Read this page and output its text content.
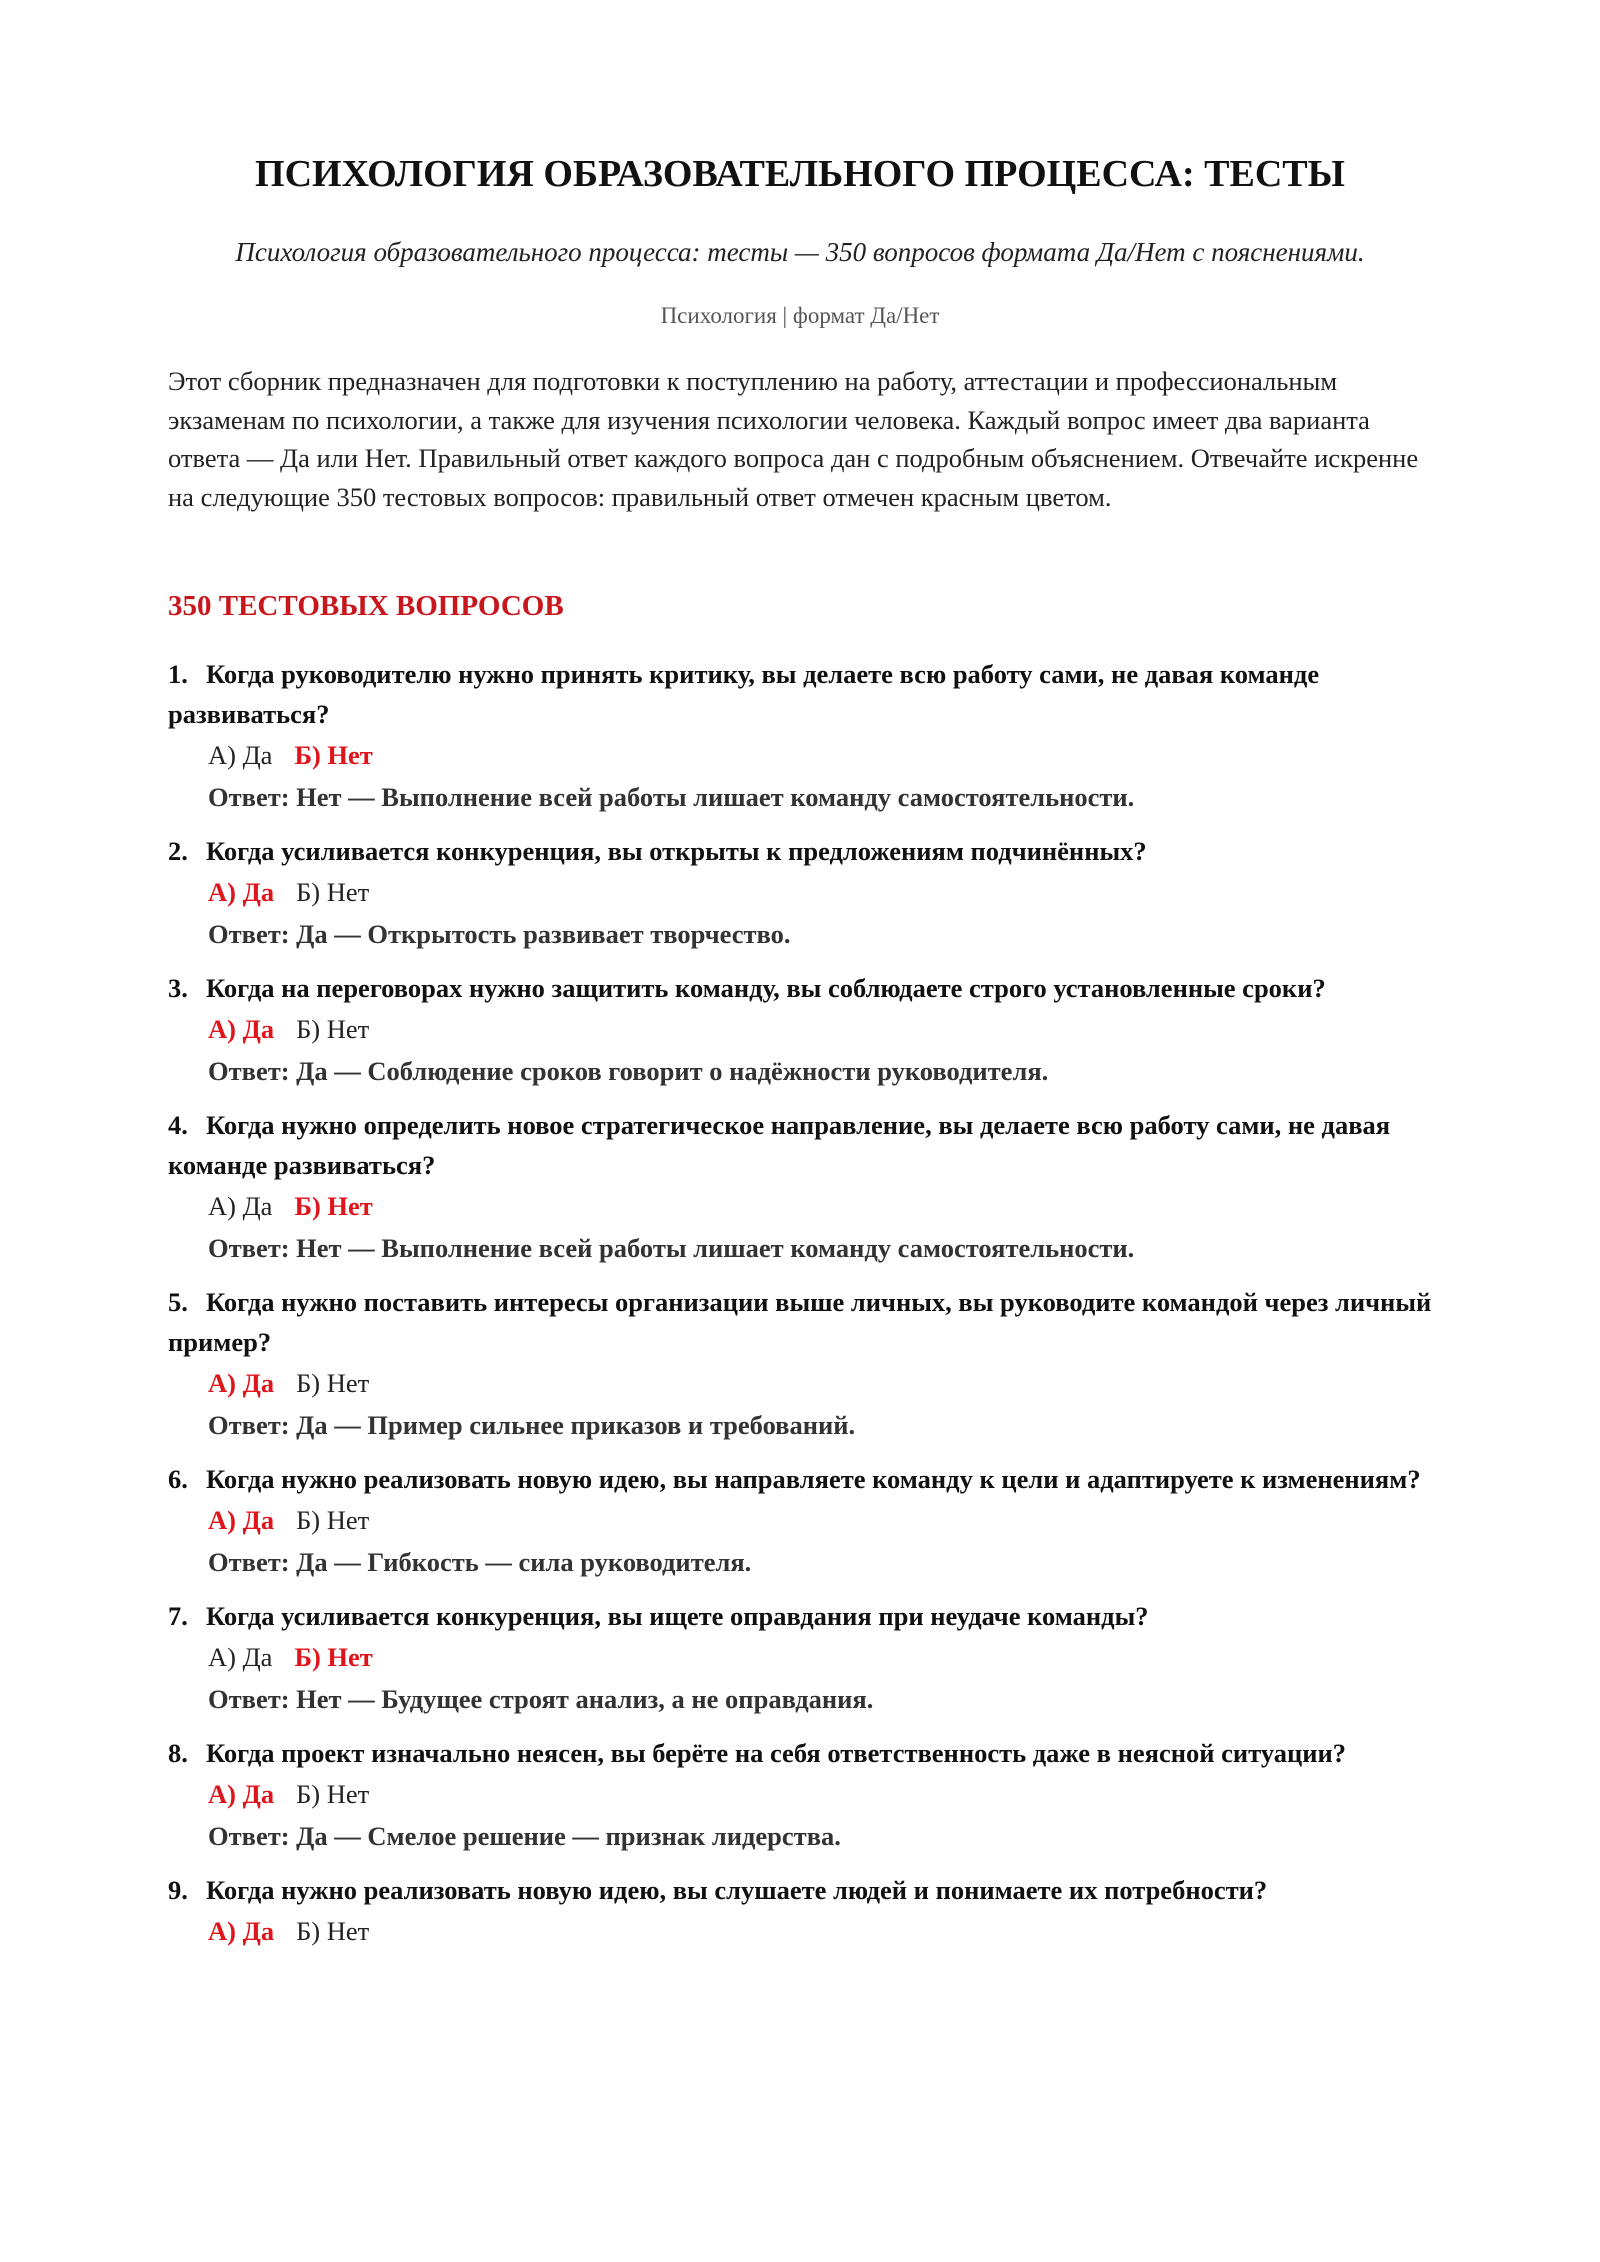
ПСИХОЛОГИЯ ОБРАЗОВАТЕЛЬНОГО ПРОЦЕССА: ТЕСТЫ

Психология образовательного процесса: тесты — 350 вопросов формата Да/Нет с пояснениями.

Психология | формат Да/Нет

Этот сборник предназначен для подготовки к поступлению на работу, аттестации и профессиональным экзаменам по психологии, а также для изучения психологии человека. Каждый вопрос имеет два варианта ответа — Да или Нет. Правильный ответ каждого вопроса дан с подробным объяснением. Отвечайте искренне на следующие 350 тестовых вопросов: правильный ответ отмечен красным цветом.

350 ТЕСТОВЫХ ВОПРОСОВ

1. Когда руководителю нужно принять критику, вы делаете всю работу сами, не давая команде развиваться?

А) Да Б) Нет

Ответ: Нет — Выполнение всей работы лишает команду самостоятельности.

2. Когда усиливается конкуренция, вы открыты к предложениям подчинённых?

А) Да Б) Нет

Ответ: Да — Открытость развивает творчество.

3. Когда на переговорах нужно защитить команду, вы соблюдаете строго установленные сроки?

А) Да Б) Нет

Ответ: Да — Соблюдение сроков говорит о надёжности руководителя.

4. Когда нужно определить новое стратегическое направление, вы делаете всю работу сами, не давая команде развиваться?

А) Да Б) Нет

Ответ: Нет — Выполнение всей работы лишает команду самостоятельности.

5. Когда нужно поставить интересы организации выше личных, вы руководите командой через личный пример?

А) Да Б) Нет

Ответ: Да — Пример сильнее приказов и требований.

6. Когда нужно реализовать новую идею, вы направляете команду к цели и адаптируете к изменениям?

А) Да Б) Нет

Ответ: Да — Гибкость — сила руководителя.

7. Когда усиливается конкуренция, вы ищете оправдания при неудаче команды?

А) Да Б) Нет

Ответ: Нет — Будущее строят анализ, а не оправдания.

8. Когда проект изначально неясен, вы берёте на себя ответственность даже в неясной ситуации?

А) Да Б) Нет

Ответ: Да — Смелое решение — признак лидерства.

9. Когда нужно реализовать новую идею, вы слушаете людей и понимаете их потребности?

А) Да Б) Нет
